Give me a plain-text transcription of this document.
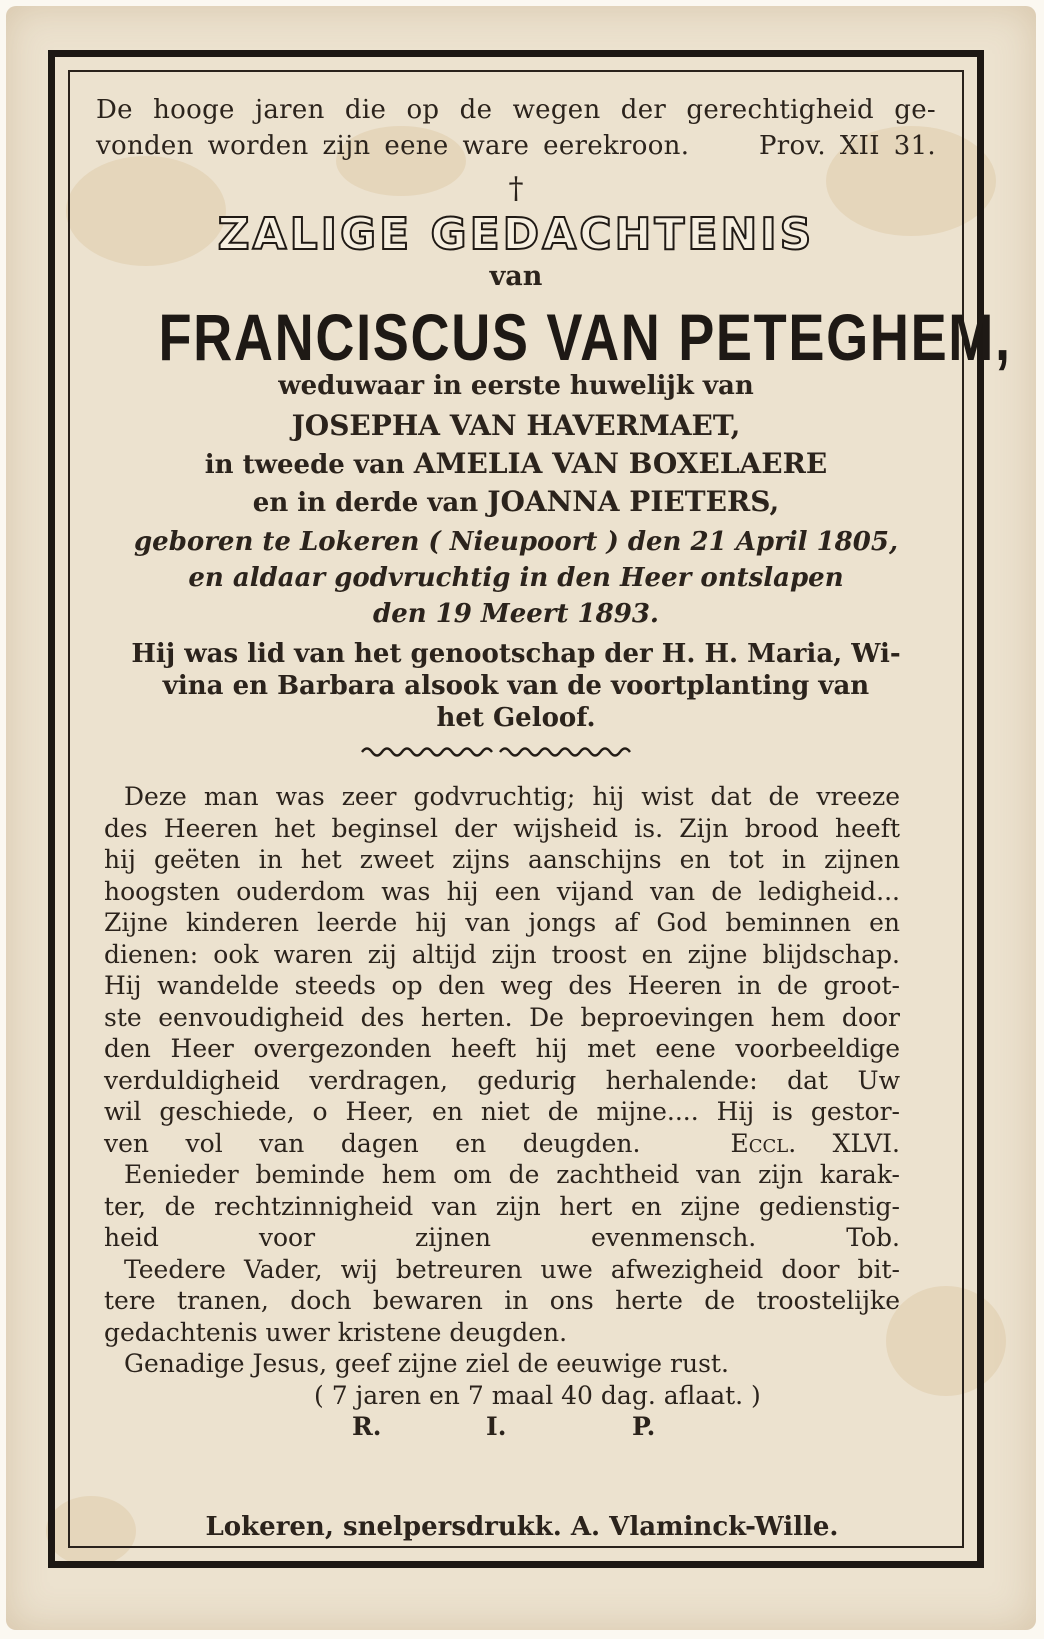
De hooge jaren die op de wegen der gerechtigheid ge-
vonden worden zijn eene ware eerekroon.	Prov. XII 31.
†
ZALIGE GEDACHTENIS
van
FRANCISCUS VAN PETEGHEM,
weduwaar in eerste huwelijk van
JOSEPHA VAN HAVERMAET,
in tweede van AMELIA VAN BOXELAERE
en in derde van JOANNA PIETERS,
geboren te Lokeren ( Nieupoort ) den 21 April 1805,
en aldaar godvruchtig in den Heer ontslapen
den 19 Meert 1893.
Hij was lid van het genootschap der H. H. Maria, Wi-
vina en Barbara alsook van de voortplanting van
het Geloof.
Deze man was zeer godvruchtig; hij wist dat de vreeze
des Heeren het beginsel der wijsheid is. Zijn brood heeft
hij geëten in het zweet zijns aanschijns en tot in zijnen
hoogsten ouderdom was hij een vijand van de ledigheid...
Zijne kinderen leerde hij van jongs af God beminnen en
dienen: ook waren zij altijd zijn troost en zijne blijdschap.
Hij wandelde steeds op den weg des Heeren in de groot-
ste eenvoudigheid des herten. De beproevingen hem door
den Heer overgezonden heeft hij met eene voorbeeldige
verduldigheid verdragen, gedurig herhalende: dat Uw
wil geschiede, o Heer, en niet de mijne.... Hij is gestor-
ven vol van dagen en deugden.	Eccl. XLVI.
Eenieder beminde hem om de zachtheid van zijn karak-
ter, de rechtzinnigheid van zijn hert en zijne gedienstig-
heid voor zijnen evenmensch.	Tob.
Teedere Vader, wij betreuren uwe afwezigheid door bit-
tere tranen, doch bewaren in ons herte de troostelijke
gedachtenis uwer kristene deugden.
Genadige Jesus, geef zijne ziel de eeuwige rust.
( 7 jaren en 7 maal 40 dag. aflaat. )
R.	I.	P.
Lokeren, snelpersdrukk. A. Vlaminck-Wille.
